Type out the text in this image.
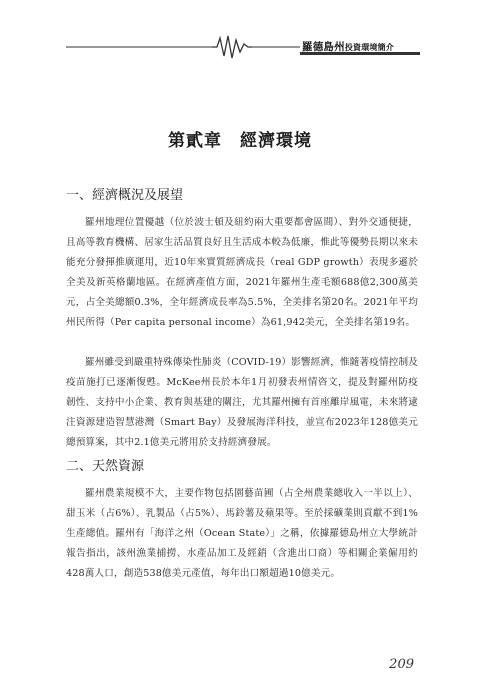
羅德島州投資環境簡介
第貳章 經濟環境
一、經濟概況及展望

羅州地理位置優越（位於波士頓及紐約兩大重要都會區間）、對外交通便捷，且高等教育機構、居家生活品質良好且生活成本較為低廉，惟此等優勢長期以來未能充分發揮推廣運用，近10年來實質經濟成長（real GDP growth）表現多遜於全美及新英格蘭地區。在經濟產值方面，2021年羅州生產毛額688億2,300萬美元，占全美總額0.3%，全年經濟成長率為5.5%，全美排名第20名。2021年平均州民所得（Per capita personal income）為61,942美元，全美排名第19名。

羅州雖受到嚴重特殊傳染性肺炎（COVID-19）影響經濟，惟隨著疫情控制及疫苗施打已逐漸復甦。McKee州長於本年1月初發表州情咨文，提及對羅州防疫韌性、支持中小企業、教育與基建的關注，尤其羅州擁有首座離岸風電，未來將逮注資源建造智慧港灣（Smart Bay）及發展海洋科技，並宣布2023年128億美元總預算案，其中2.1億美元將用於支持經濟發展。

二、天然資源

羅州農業規模不大，主要作物包括園藝苗圃（占全州農業總收入一半以上）、甜玉米（占6%）、乳製品（占5%）、馬鈴薯及蘋果等。至於採礦業則貢獻不到1%生產總值。羅州有「海洋之州（Ocean State）」之稱，依據羅德島州立大學統計報告指出，該州漁業捕撈、水產品加工及經銷（含進出口商）等相關企業僱用約428萬人口，創造538億美元產值，每年出口額超過10億美元。

209
